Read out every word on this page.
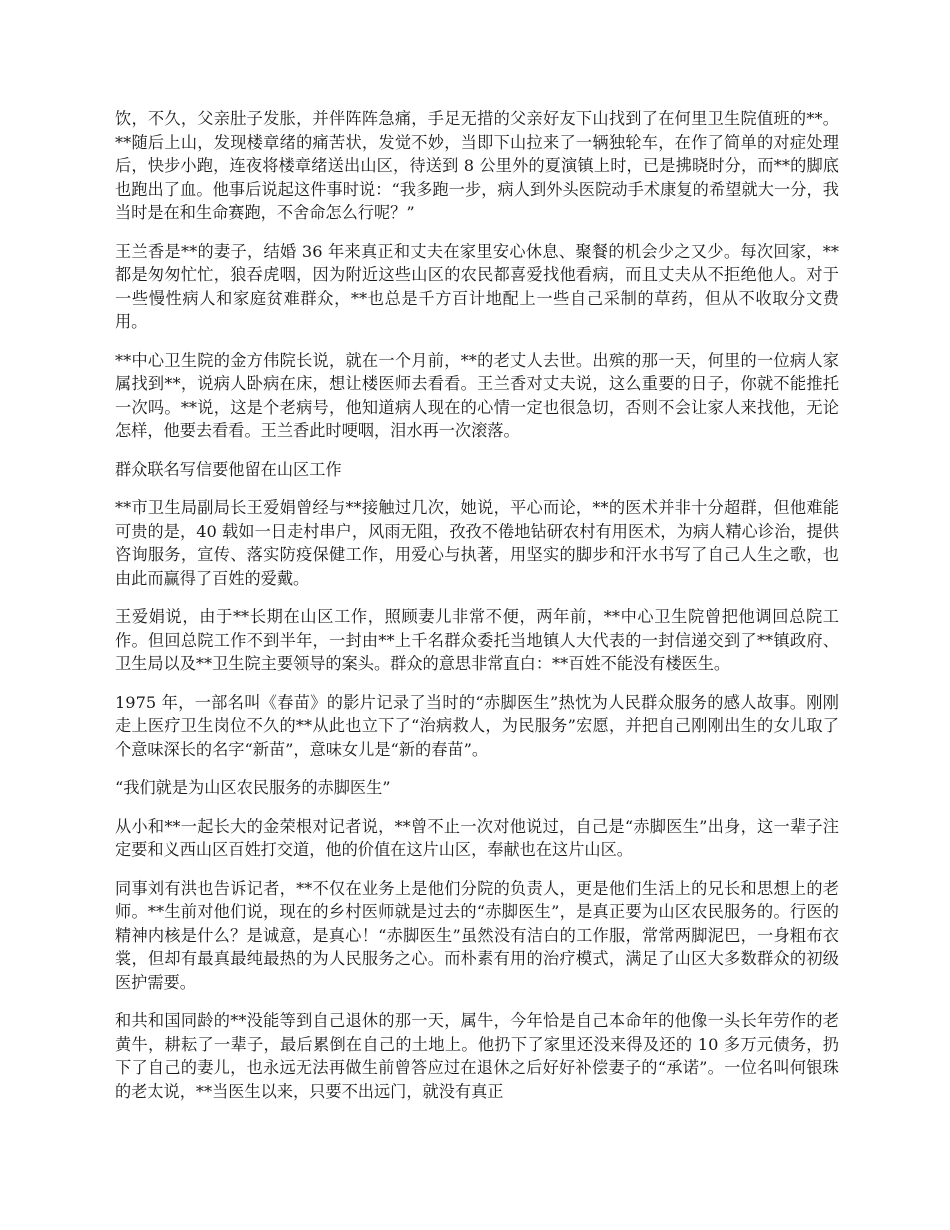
饮，不久，父亲肚子发胀，并伴阵阵急痛，手足无措的父亲好友下山找到了在何里卫生院值班的**。**随后上山，发现楼章绪的痛苦状，发觉不妙，当即下山拉来了一辆独轮车，在作了简单的对症处理后，快步小跑，连夜将楼章绪送出山区，待送到 8 公里外的夏演镇上时，已是拂晓时分，而**的脚底也跑出了血。他事后说起这件事时说：“我多跑一步，病人到外头医院动手术康复的希望就大一分，我当时是在和生命赛跑，不舍命怎么行呢？”

王兰香是**的妻子，结婚 36 年来真正和丈夫在家里安心休息、聚餐的机会少之又少。每次回家，**都是匆匆忙忙，狼吞虎咽，因为附近这些山区的农民都喜爱找他看病，而且丈夫从不拒绝他人。对于一些慢性病人和家庭贫难群众，**也总是千方百计地配上一些自己采制的草药，但从不收取分文费用。

**中心卫生院的金方伟院长说，就在一个月前，**的老丈人去世。出殡的那一天，何里的一位病人家属找到**，说病人卧病在床，想让楼医师去看看。王兰香对丈夫说，这么重要的日子，你就不能推托一次吗。**说，这是个老病号，他知道病人现在的心情一定也很急切，否则不会让家人来找他，无论怎样，他要去看看。王兰香此时哽咽，泪水再一次滚落。

群众联名写信要他留在山区工作

**市卫生局副局长王爱娟曾经与**接触过几次，她说，平心而论，**的医术并非十分超群，但他难能可贵的是，40 载如一日走村串户，风雨无阻，孜孜不倦地钻研农村有用医术，为病人精心诊治，提供咨询服务，宣传、落实防疫保健工作，用爱心与执著，用坚实的脚步和汗水书写了自己人生之歌，也由此而赢得了百姓的爱戴。

王爱娟说，由于**长期在山区工作，照顾妻儿非常不便，两年前，**中心卫生院曾把他调回总院工作。但回总院工作不到半年，一封由**上千名群众委托当地镇人大代表的一封信递交到了**镇政府、卫生局以及**卫生院主要领导的案头。群众的意思非常直白：**百姓不能没有楼医生。

1975 年，一部名叫《春苗》的影片记录了当时的“赤脚医生”热忱为人民群众服务的感人故事。刚刚走上医疗卫生岗位不久的**从此也立下了“治病救人，为民服务”宏愿，并把自己刚刚出生的女儿取了个意味深长的名字“新苗”，意味女儿是“新的春苗”。

“我们就是为山区农民服务的赤脚医生”

从小和**一起长大的金荣根对记者说，**曾不止一次对他说过，自己是“赤脚医生”出身，这一辈子注定要和义西山区百姓打交道，他的价值在这片山区，奉献也在这片山区。

同事刘有洪也告诉记者，**不仅在业务上是他们分院的负责人，更是他们生活上的兄长和思想上的老师。**生前对他们说，现在的乡村医师就是过去的“赤脚医生”，是真正要为山区农民服务的。行医的精神内核是什么？是诚意，是真心！“赤脚医生”虽然没有洁白的工作服，常常两脚泥巴，一身粗布衣裳，但却有最真最纯最热的为人民服务之心。而朴素有用的治疗模式，满足了山区大多数群众的初级医护需要。

和共和国同龄的**没能等到自己退休的那一天，属牛，今年恰是自己本命年的他像一头长年劳作的老黄牛，耕耘了一辈子，最后累倒在自己的土地上。他扔下了家里还没来得及还的 10 多万元债务，扔下了自己的妻儿，也永远无法再做生前曾答应过在退休之后好好补偿妻子的“承诺”。一位名叫何银珠的老太说，**当医生以来，只要不出远门，就没有真正
